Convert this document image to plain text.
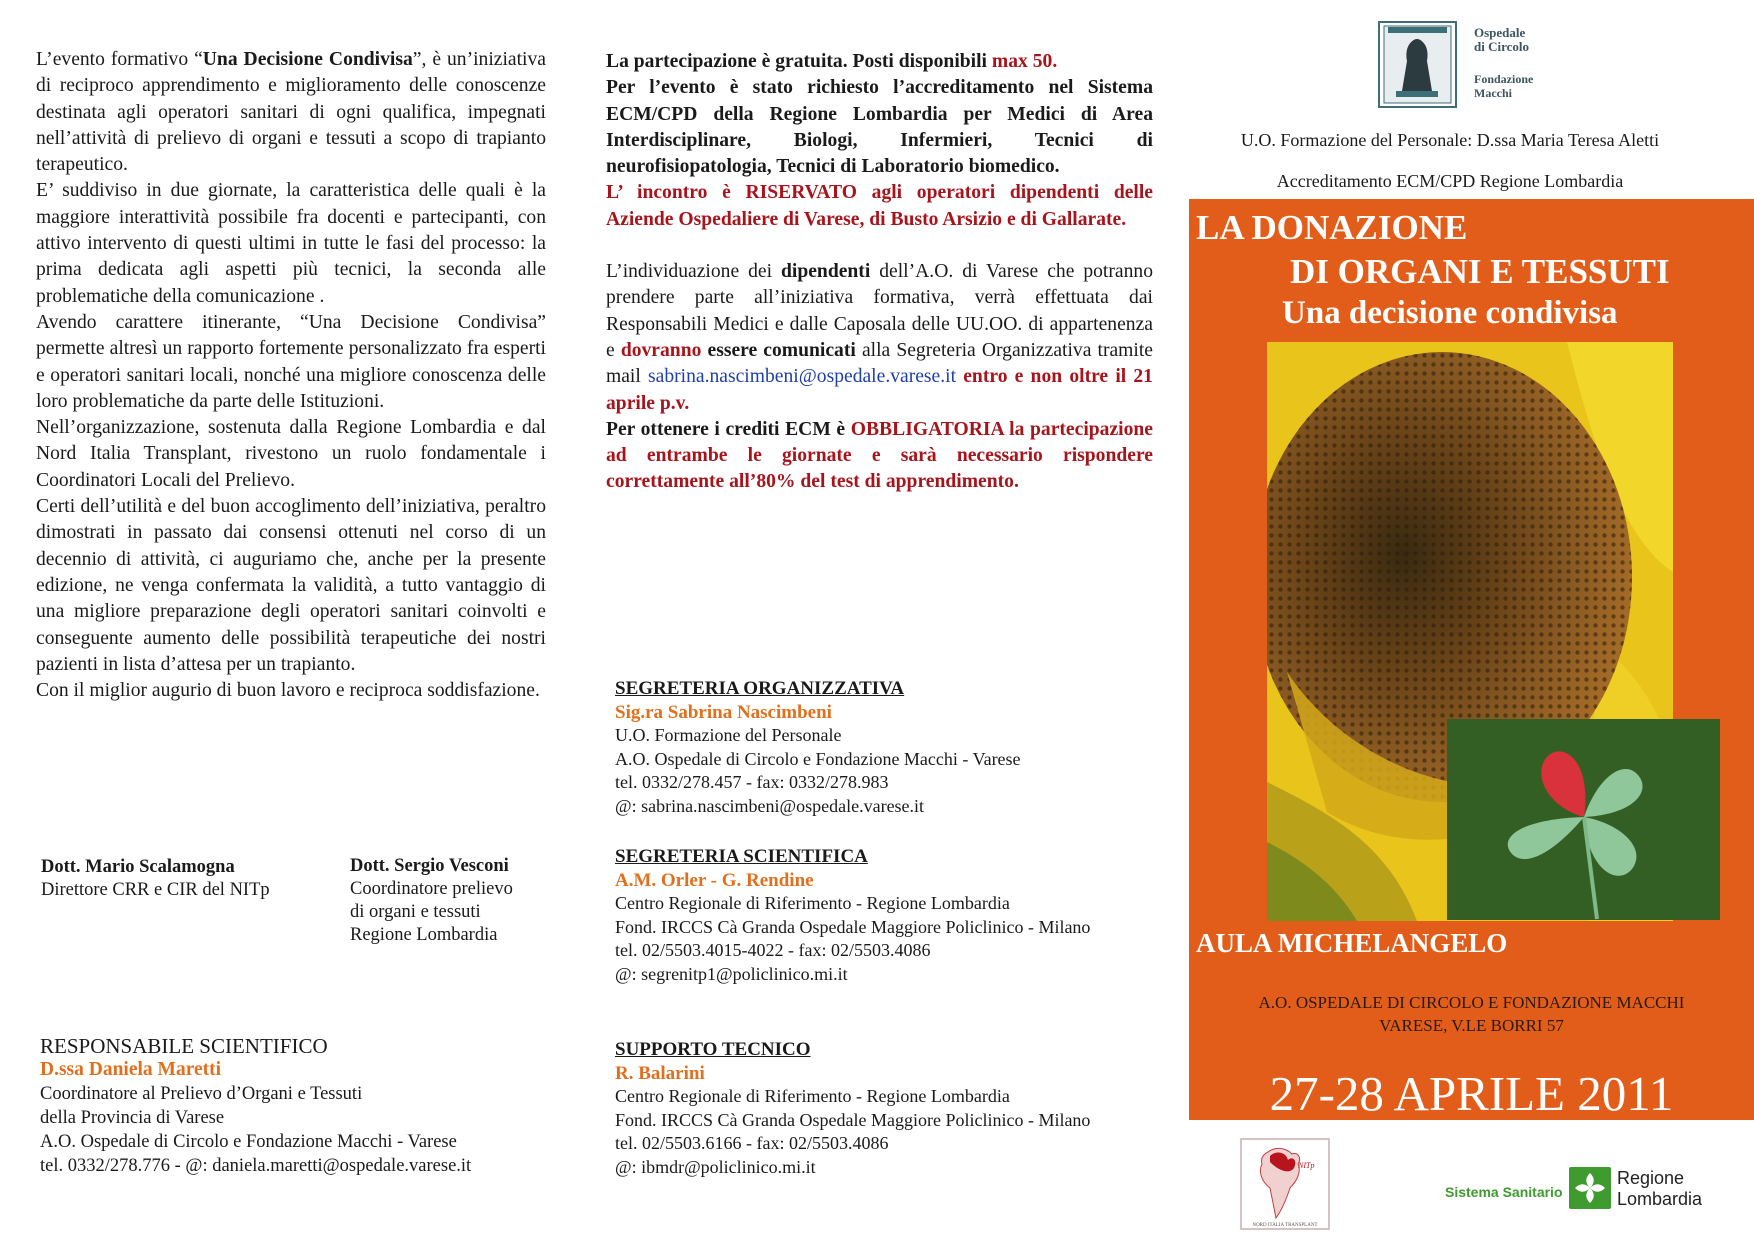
L’evento formativo “Una Decisione Condivisa”, è un’iniziativa di reciproco apprendimento e miglioramento delle conoscenze destinata agli operatori sanitari di ogni qualifica, impegnati nell’attività di prelievo di organi e tessuti a scopo di trapianto terapeutico.

E’ suddiviso in due giornate, la caratteristica delle quali è la maggiore interattività possibile fra docenti e partecipanti, con attivo intervento di questi ultimi in tutte le fasi del processo: la prima dedicata agli aspetti più tecnici, la seconda alle problematiche della comunicazione .

Avendo carattere itinerante, “Una Decisione Condivisa” permette altresì un rapporto fortemente personalizzato fra esperti e operatori sanitari locali, nonché una migliore conoscenza delle loro problematiche da parte delle Istituzioni.

Nell’organizzazione, sostenuta dalla Regione Lombardia e dal Nord Italia Transplant, rivestono un ruolo fondamentale i Coordinatori Locali del Prelievo.

Certi dell’utilità e del buon accoglimento dell’iniziativa, peraltro dimostrati in passato dai consensi ottenuti nel corso di un decennio di attività, ci auguriamo che, anche per la presente edizione, ne venga confermata la validità, a tutto vantaggio di una migliore preparazione degli operatori sanitari coinvolti e conseguente aumento delle possibilità terapeutiche dei nostri pazienti in lista d’attesa per un trapianto.

Con il miglior augurio di buon lavoro e reciproca soddisfazione.

Dott. Mario Scalamogna
Direttore CRR e CIR del NITp
Dott. Sergio Vesconi
Coordinatore prelievo
di organi e tessuti
Regione Lombardia
RESPONSABILE SCIENTIFICO
D.ssa Daniela Maretti
Coordinatore al Prelievo d’Organi e Tessuti
della Provincia di Varese
A.O. Ospedale di Circolo e Fondazione Macchi - Varese
tel. 0332/278.776 - @: daniela.maretti@ospedale.varese.it

La partecipazione è gratuita. Posti disponibili max 50.

Per l’evento è stato richiesto l’accreditamento nel Sistema ECM/CPD della Regione Lombardia per Medici di Area Interdisciplinare, Biologi, Infermieri, Tecnici di neurofisiopatologia, Tecnici di Laboratorio biomedico.

L’ incontro è RISERVATO agli operatori dipendenti delle Aziende Ospedaliere di Varese, di Busto Arsizio e di Gallarate.

L’individuazione dei dipendenti dell’A.O. di Varese che potranno prendere parte all’iniziativa formativa, verrà effettuata dai Responsabili Medici e dalle Caposala delle UU.OO. di appartenenza e dovranno essere comunicati alla Segreteria Organizzativa tramite mail sabrina.nascimbeni@ospedale.varese.it entro e non oltre il 21 aprile p.v.

Per ottenere i crediti ECM è OBBLIGATORIA la partecipazione ad entrambe le giornate e sarà necessario rispondere correttamente all’80% del test di apprendimento.

SEGRETERIA ORGANIZZATIVA
Sig.ra Sabrina Nascimbeni
U.O. Formazione del Personale
A.O. Ospedale di Circolo e Fondazione Macchi - Varese
tel. 0332/278.457 - fax: 0332/278.983
@: sabrina.nascimbeni@ospedale.varese.it
SEGRETERIA SCIENTIFICA
A.M. Orler - G. Rendine
Centro Regionale di Riferimento - Regione Lombardia
Fond. IRCCS Cà Granda Ospedale Maggiore Policlinico - Milano
tel. 02/5503.4015-4022 - fax: 02/5503.4086
@: segrenitp1@policlinico.mi.it
SUPPORTO TECNICO
R. Balarini
Centro Regionale di Riferimento - Regione Lombardia
Fond. IRCCS Cà Granda Ospedale Maggiore Policlinico - Milano
tel. 02/5503.6166 - fax: 02/5503.4086
@: ibmdr@policlinico.mi.it
Ospedale
di Circolo
Fondazione
Macchi
U.O. Formazione del Personale: D.ssa Maria Teresa Aletti
Accreditamento ECM/CPD Regione Lombardia
LA DONAZIONE
DI ORGANI E TESSUTI
Una decisione condivisa
AULA MICHELANGELO
A.O. OSPEDALE DI CIRCOLO E FONDAZIONE MACCHI
VARESE, V.LE BORRI 57
27-28 APRILE 2011
NITp
NORD ITALIA TRANSPLANT
Sistema Sanitario
Regione
Lombardia
